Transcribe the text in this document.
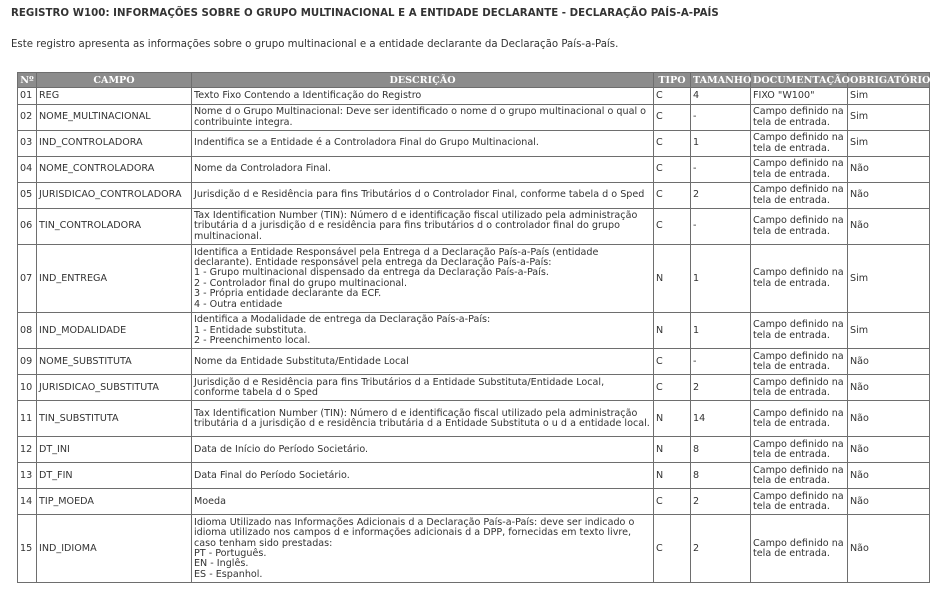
REGISTRO W100: INFORMAÇÕES SOBRE O GRUPO MULTINACIONAL E A ENTIDADE DECLARANTE - DECLARAÇÃO PAÍS-A-PAÍS
Este registro apresenta as informações sobre o grupo multinacional e a entidade declarante da Declaração País-a-País.
Nº	CAMPO	DESCRIÇÃO	TIPO	TAMANHO	DOCUMENTAÇÃO	OBRIGATÓRIO
01	REG	Texto Fixo Contendo a Identificação do Registro	C	4	FIXO "W100"	Sim
02	NOME_MULTINACIONAL	Nome d o Grupo Multinacional: Deve ser identificado o nome d o grupo multinacional o qual o contribuinte integra.	C	-	Campo definido na tela de entrada.	Sim
03	IND_CONTROLADORA	Indentifica se a Entidade é a Controladora Final do Grupo Multinacional.	C	1	Campo definido na tela de entrada.	Sim
04	NOME_CONTROLADORA	Nome da Controladora Final.	C	-	Campo definido na tela de entrada.	Não
05	JURISDICAO_CONTROLADORA	Jurisdição d e Residência para fins Tributários d o Controlador Final, conforme tabela d o Sped	C	2	Campo definido na tela de entrada.	Não
06	TIN_CONTROLADORA	Tax Identification Number (TIN): Número d e identificação fiscal utilizado pela administração tributária d a jurisdição d e residência para fins tributários d o controlador final do grupo multinacional.	C	-	Campo definido na tela de entrada.	Não
07	IND_ENTREGA	Identifica a Entidade Responsável pela Entrega d a Declaração País-a-País (entidade declarante). Entidade responsável pela entrega da Declaração País-a-País:
1 - Grupo multinacional dispensado da entrega da Declaração País-a-País.
2 - Controlador final do grupo multinacional.
3 - Própria entidade declarante da ECF.
4 - Outra entidade	N	1	Campo definido na tela de entrada.	Sim
08	IND_MODALIDADE	Identifica a Modalidade de entrega da Declaração País-a-País:
1 - Entidade substituta.
2 - Preenchimento local.	N	1	Campo definido na tela de entrada.	Sim
09	NOME_SUBSTITUTA	Nome da Entidade Substituta/Entidade Local	C	-	Campo definido na tela de entrada.	Não
10	JURISDICAO_SUBSTITUTA	Jurisdição d e Residência para fins Tributários d a Entidade Substituta/Entidade Local, conforme tabela d o Sped	C	2	Campo definido na tela de entrada.	Não
11	TIN_SUBSTITUTA	Tax Identification Number (TIN): Número d e identificação fiscal utilizado pela administração tributária d a jurisdição d e residência tributária d a Entidade Substituta o u d a entidade local.	N	14	Campo definido na tela de entrada.	Não
12	DT_INI	Data de Início do Período Societário.	N	8	Campo definido na tela de entrada.	Não
13	DT_FIN	Data Final do Período Societário.	N	8	Campo definido na tela de entrada.	Não
14	TIP_MOEDA	Moeda	C	2	Campo definido na tela de entrada.	Não
15	IND_IDIOMA	Idioma Utilizado nas Informações Adicionais d a Declaração País-a-País: deve ser indicado o idioma utilizado nos campos d e informações adicionais d a DPP, fornecidas em texto livre, caso tenham sido prestadas:
PT - Português.
EN - Inglês.
ES - Espanhol.	C	2	Campo definido na tela de entrada.	Não
